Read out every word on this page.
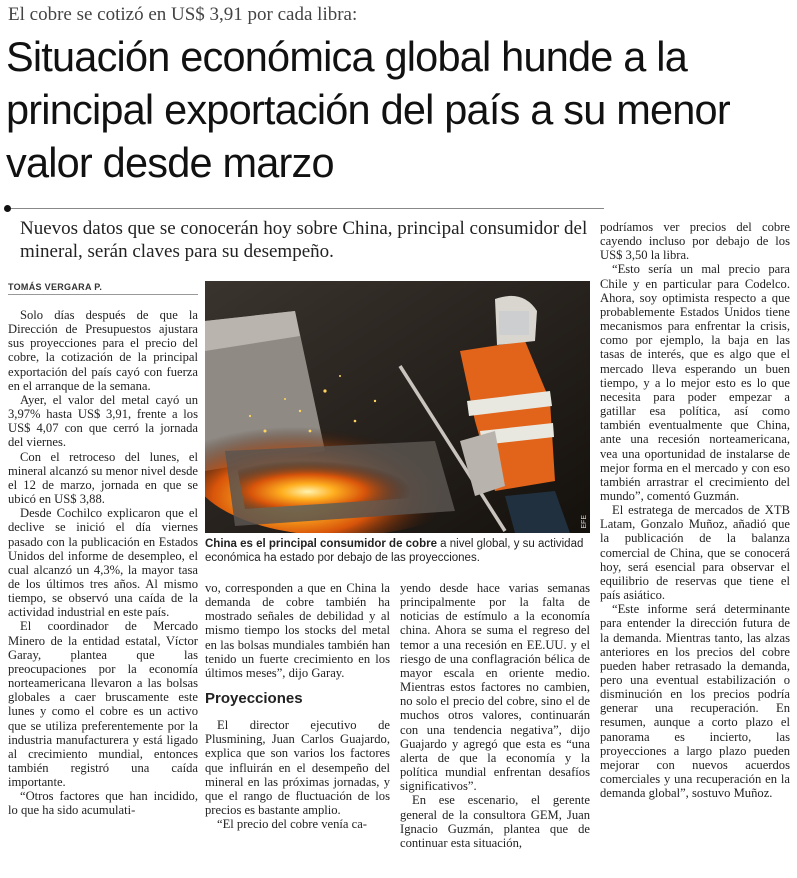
El cobre se cotizó en US$ 3,91 por cada libra:
Situación económica global hunde a la principal exportación del país a su menor valor desde marzo
Nuevos datos que se conocerán hoy sobre China, principal consumidor del mineral, serán claves para su desempeño.
TOMÁS VERGARA P.

Solo días después de que la Dirección de Presupuestos ajustara sus proyecciones para el precio del cobre, la cotización de la principal exportación del país cayó con fuerza en el arranque de la semana.

Ayer, el valor del metal cayó un 3,97% hasta US$ 3,91, frente a los US$ 4,07 con que cerró la jornada del viernes.

Con el retroceso del lunes, el mineral alcanzó su menor nivel desde el 12 de marzo, jornada en que se ubicó en US$ 3,88.

Desde Cochilco explicaron que el declive se inició el día viernes pasado con la publicación en Estados Unidos del informe de desempleo, el cual alcanzó un 4,3%, la mayor tasa de los últimos tres años. Al mismo tiempo, se observó una caída de la actividad industrial en este país.

El coordinador de Mercado Minero de la entidad estatal, Víctor Garay, plantea que las preocupaciones por la economía norteamericana llevaron a las bolsas globales a caer bruscamente este lunes y como el cobre es un activo que se utiliza preferentemente por la industria manufacturera y está ligado al crecimiento mundial, entonces también registró una caída importante.

“Otros factores que han incidido, lo que ha sido acumulati-

EFE
China es el principal consumidor de cobre a nivel global, y su actividad económica ha estado por debajo de las proyecciones.

vo, corresponden a que en China la demanda de cobre también ha mostrado señales de debilidad y al mismo tiempo los stocks del metal en las bolsas mundiales también han tenido un fuerte crecimiento en los últimos meses”, dijo Garay.

Proyecciones

El director ejecutivo de Plusmining, Juan Carlos Guajardo, explica que son varios los factores que influirán en el desempeño del mineral en las próximas jornadas, y que el rango de fluctuación de los precios es bastante amplio.

“El precio del cobre venía ca-

yendo desde hace varias semanas principalmente por la falta de noticias de estímulo a la economía china. Ahora se suma el regreso del temor a una recesión en EE.UU. y el riesgo de una conflagración bélica de mayor escala en oriente medio. Mientras estos factores no cambien, no solo el precio del cobre, sino el de muchos otros valores, continuarán con una tendencia negativa”, dijo Guajardo y agregó que esta es “una alerta de que la economía y la política mundial enfrentan desafíos significativos”.

En ese escenario, el gerente general de la consultora GEM, Juan Ignacio Guzmán, plantea que de continuar esta situación,

podríamos ver precios del cobre cayendo incluso por debajo de los US$ 3,50 la libra.

“Esto sería un mal precio para Chile y en particular para Codelco. Ahora, soy optimista respecto a que probablemente Estados Unidos tiene mecanismos para enfrentar la crisis, como por ejemplo, la baja en las tasas de interés, que es algo que el mercado lleva esperando un buen tiempo, y a lo mejor esto es lo que necesita para poder empezar a gatillar esa política, así como también eventualmente que China, ante una recesión norteamericana, vea una oportunidad de instalarse de mejor forma en el mercado y con eso también arrastrar el crecimiento del mundo”, comentó Guzmán.

El estratega de mercados de XTB Latam, Gonzalo Muñoz, añadió que la publicación de la balanza comercial de China, que se conocerá hoy, será esencial para observar el equilibrio de reservas que tiene el país asiático.

“Este informe será determinante para entender la dirección futura de la demanda. Mientras tanto, las alzas anteriores en los precios del cobre pueden haber retrasado la demanda, pero una eventual estabilización o disminución en los precios podría generar una recuperación. En resumen, aunque a corto plazo el panorama es incierto, las proyecciones a largo plazo pueden mejorar con nuevos acuerdos comerciales y una recuperación en la demanda global”, sostuvo Muñoz.
